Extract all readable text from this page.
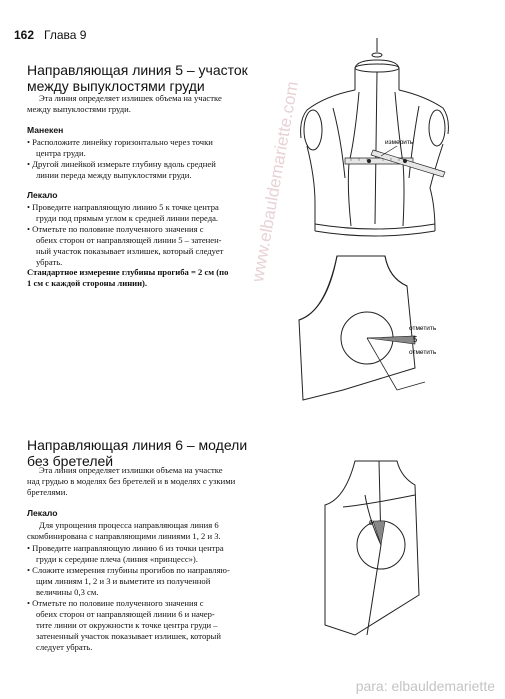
162 Глава 9
Направляющая линия 5 – участок
между выпуклостями груди
Эта линия определяет излишек объема на участке
между выпуклостями груди.
Манекен
• Расположите линейку горизонтально через точки
центра груди.
• Другой линейкой измерьте глубину вдоль средней
линии переда между выпуклостями груди.
Лекало
• Проведите направляющую линию 5 к точке центра
груди под прямым углом к средней линии переда.
• Отметьте по половине полученного значения с
обеих сторон от направляющей линии 5 – затенен-
ный участок показывает излишек, который следует
убрать.
Стандартное измерение глубины прогиба = 2 см (по
1 см с каждой стороны линии).
измерить
отметить
5
отметить
Направляющая линия 6 – модели
без бретелей
Эта линия определяет излишки объема на участке
над грудью в моделях без бретелей и в моделях с узкими
бретелями.
Лекало
Для упрощения процесса направляющая линия 6
скомбинирована с направляющими линиями 1, 2 и 3.
• Проведите направляющую линию 6 из точки центра
груди к середине плеча (линия «принцесс»).
• Сложите измерения глубины прогибов по направляю-
щим линиям 1, 2 и 3 и выметите из полученной
величины 0,3 см.
• Отметьте по половине полученного значения с
обеих сторон от направляющей линии 6 и начер-
тите линии от окружности к точке центра груди –
затененный участок показывает излишек, который
следует убрать.
6
www.elbauldemariette.com
para: elbauldemariette
